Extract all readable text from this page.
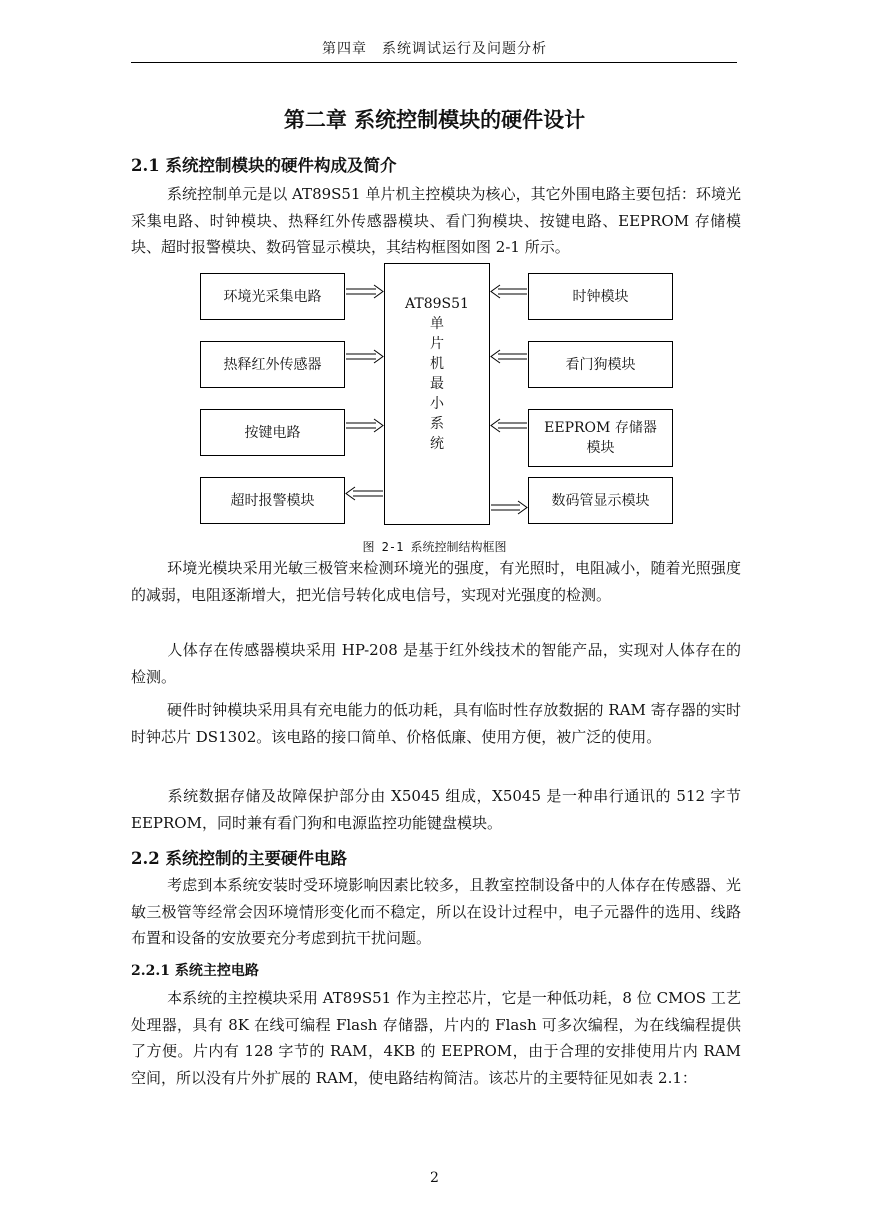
第四章　系统调试运行及问题分析
第二章 系统控制模块的硬件设计
2.1 系统控制模块的硬件构成及简介

系统控制单元是以 AT89S51 单片机主控模块为核心，其它外围电路主要包括：环境光采集电路、时钟模块、热释红外传感器模块、看门狗模块、按键电路、EEPROM 存储模块、超时报警模块、数码管显示模块，其结构框图如图 2-1 所示。

AT89S51
单
片
机
最
小
系
统
环境光采集电路
热释红外传感器
按键电路
超时报警模块
时钟模块
看门狗模块
EEPROM 存储器模块
数码管显示模块
图 2-1 系统控制结构框图

环境光模块采用光敏三极管来检测环境光的强度，有光照时，电阻减小，随着光照强度的减弱，电阻逐渐增大，把光信号转化成电信号，实现对光强度的检测。

人体存在传感器模块采用 HP-208 是基于红外线技术的智能产品，实现对人体存在的检测。

硬件时钟模块采用具有充电能力的低功耗，具有临时性存放数据的 RAM 寄存器的实时时钟芯片 DS1302。该电路的接口简单、价格低廉、使用方便，被广泛的使用。

系统数据存储及故障保护部分由 X5045 组成，X5045 是一种串行通讯的 512 字节 EEPROM，同时兼有看门狗和电源监控功能键盘模块。

2.2 系统控制的主要硬件电路

考虑到本系统安装时受环境影响因素比较多，且教室控制设备中的人体存在传感器、光敏三极管等经常会因环境情形变化而不稳定，所以在设计过程中，电子元器件的选用、线路布置和设备的安放要充分考虑到抗干扰问题。

2.2.1 系统主控电路

本系统的主控模块采用 AT89S51 作为主控芯片，它是一种低功耗，8 位 CMOS 工艺处理器，具有 8K 在线可编程 Flash 存储器，片内的 Flash 可多次编程，为在线编程提供了方便。片内有 128 字节的 RAM，4KB 的 EEPROM，由于合理的安排使用片内 RAM 空间，所以没有片外扩展的 RAM，使电路结构简洁。该芯片的主要特征见如表 2.1：

2
